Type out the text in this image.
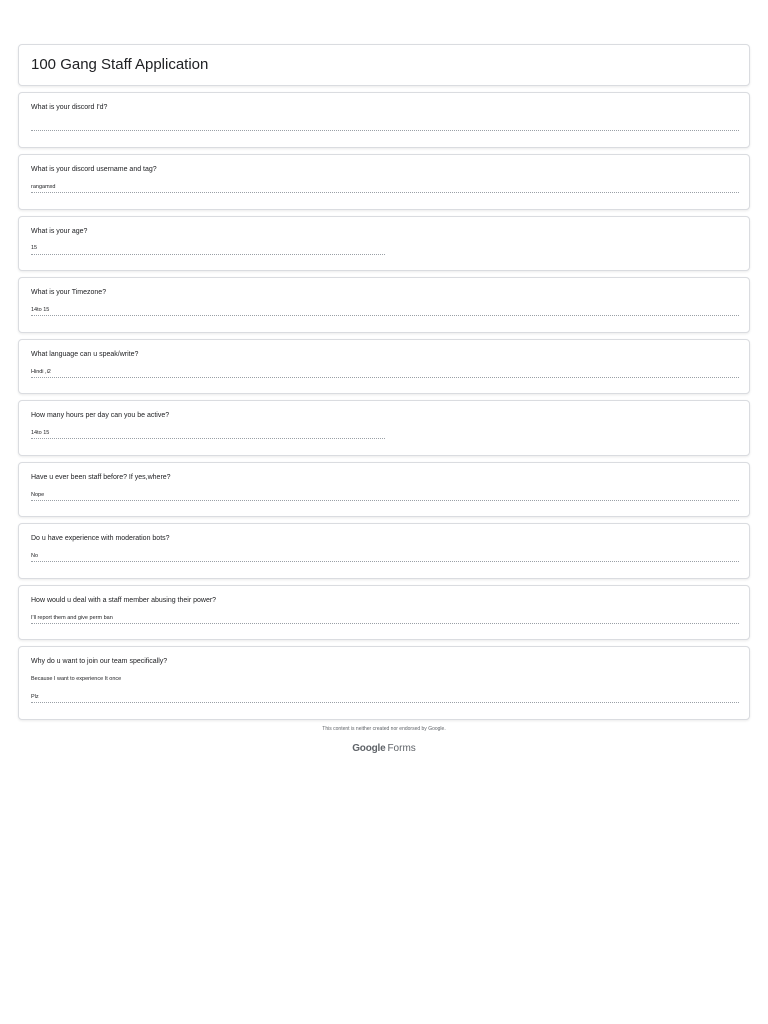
100 Gang Staff Application
What is your discord I'd?
What is your discord username and tag?
rangamxd
What is your age?
15
What is your Timezone?
14to 15
What language can u speak/write?
Hindi ,i2
How many hours per day can you be active?
14to 15
Have u ever been staff before? If yes,where?
Nope
Do u have experience with moderation bots?
No
How would u deal with a staff member abusing their power?
I'll report them and give perm ban
Why do u want to join our team specifically?
Because I want to experience It once
Plz
This content is neither created nor endorsed by Google.
Google Forms
